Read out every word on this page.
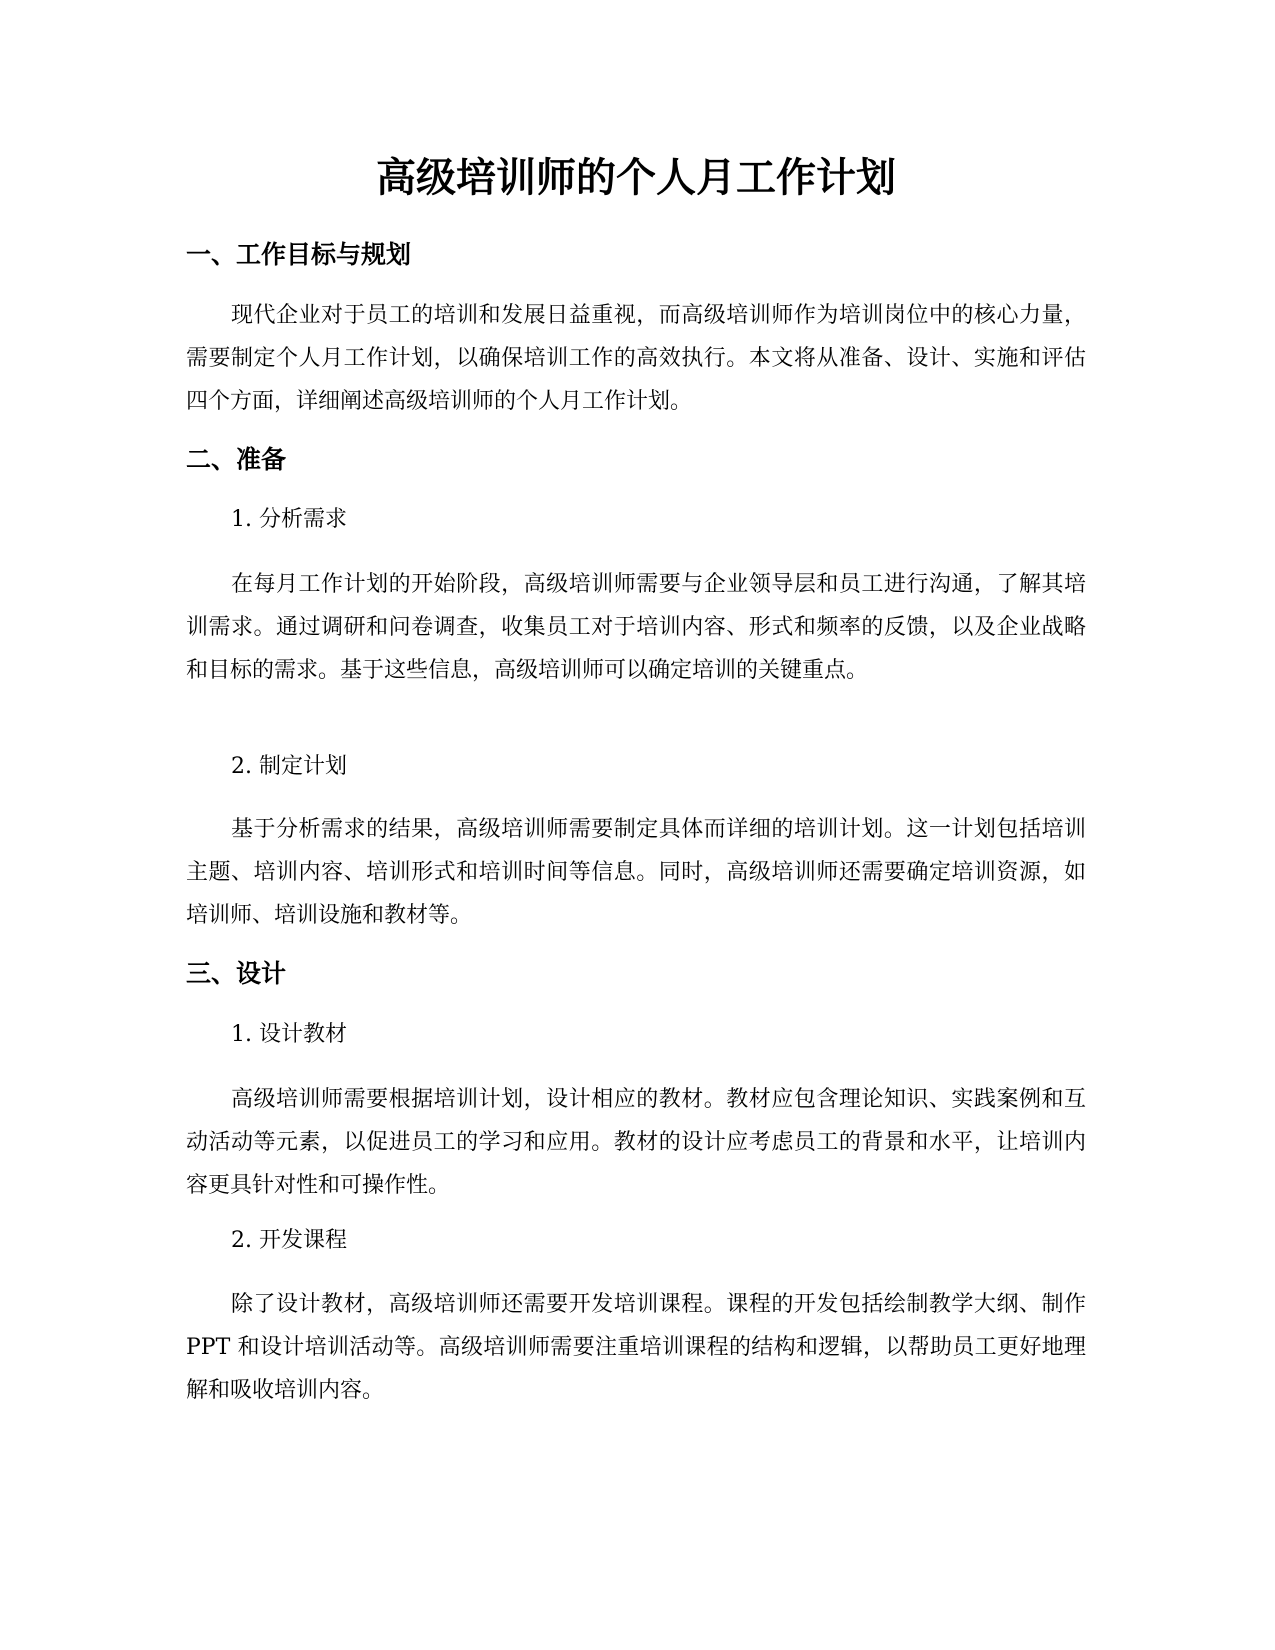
高级培训师的个人月工作计划
一、工作目标与规划

现代企业对于员工的培训和发展日益重视，而高级培训师作为培训岗位中的核心力量，需要制定个人月工作计划，以确保培训工作的高效执行。本文将从准备、设计、实施和评估四个方面，详细阐述高级培训师的个人月工作计划。

二、准备

1. 分析需求

在每月工作计划的开始阶段，高级培训师需要与企业领导层和员工进行沟通，了解其培训需求。通过调研和问卷调查，收集员工对于培训内容、形式和频率的反馈，以及企业战略和目标的需求。基于这些信息，高级培训师可以确定培训的关键重点。

2. 制定计划

基于分析需求的结果，高级培训师需要制定具体而详细的培训计划。这一计划包括培训主题、培训内容、培训形式和培训时间等信息。同时，高级培训师还需要确定培训资源，如培训师、培训设施和教材等。

三、设计

1. 设计教材

高级培训师需要根据培训计划，设计相应的教材。教材应包含理论知识、实践案例和互动活动等元素，以促进员工的学习和应用。教材的设计应考虑员工的背景和水平，让培训内容更具针对性和可操作性。

2. 开发课程

除了设计教材，高级培训师还需要开发培训课程。课程的开发包括绘制教学大纲、制作 PPT 和设计培训活动等。高级培训师需要注重培训课程的结构和逻辑，以帮助员工更好地理解和吸收培训内容。
